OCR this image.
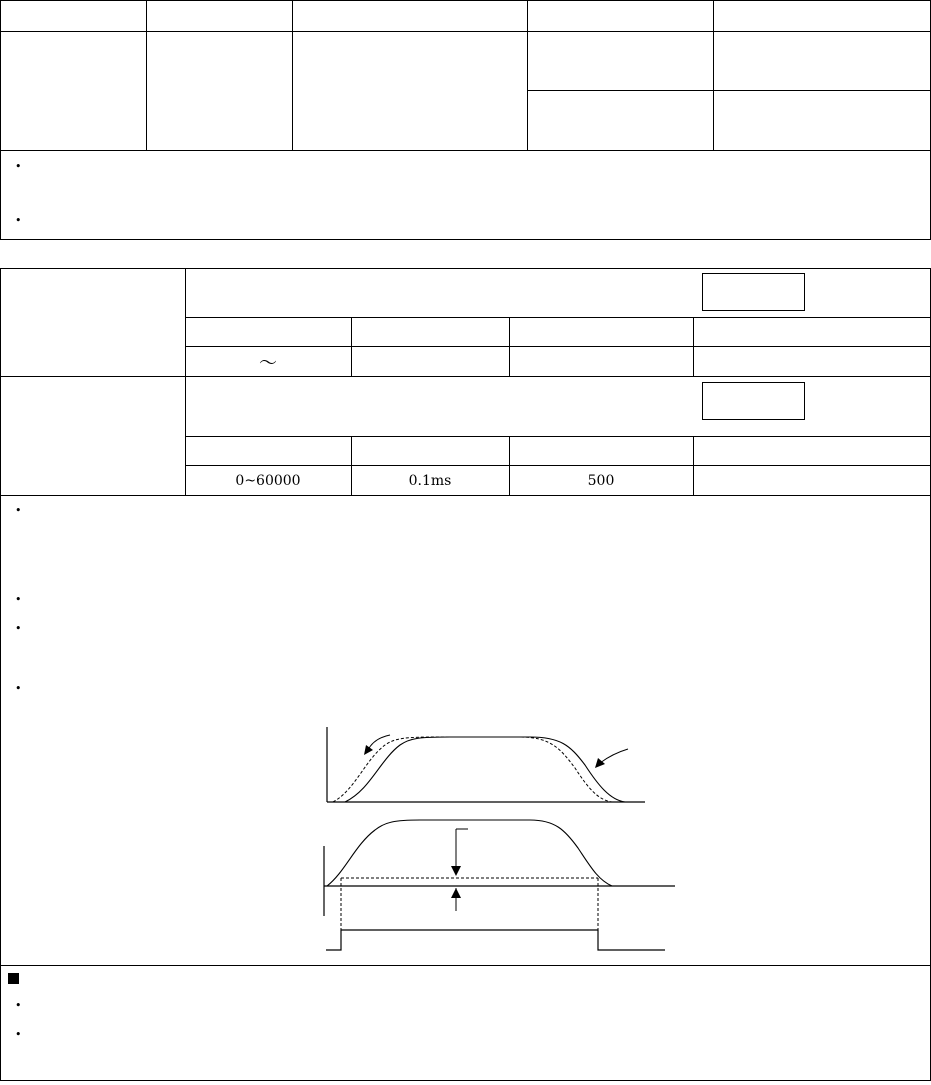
•
•
～
0~60000	0.1ms	500
•
•
•
•
•
•
